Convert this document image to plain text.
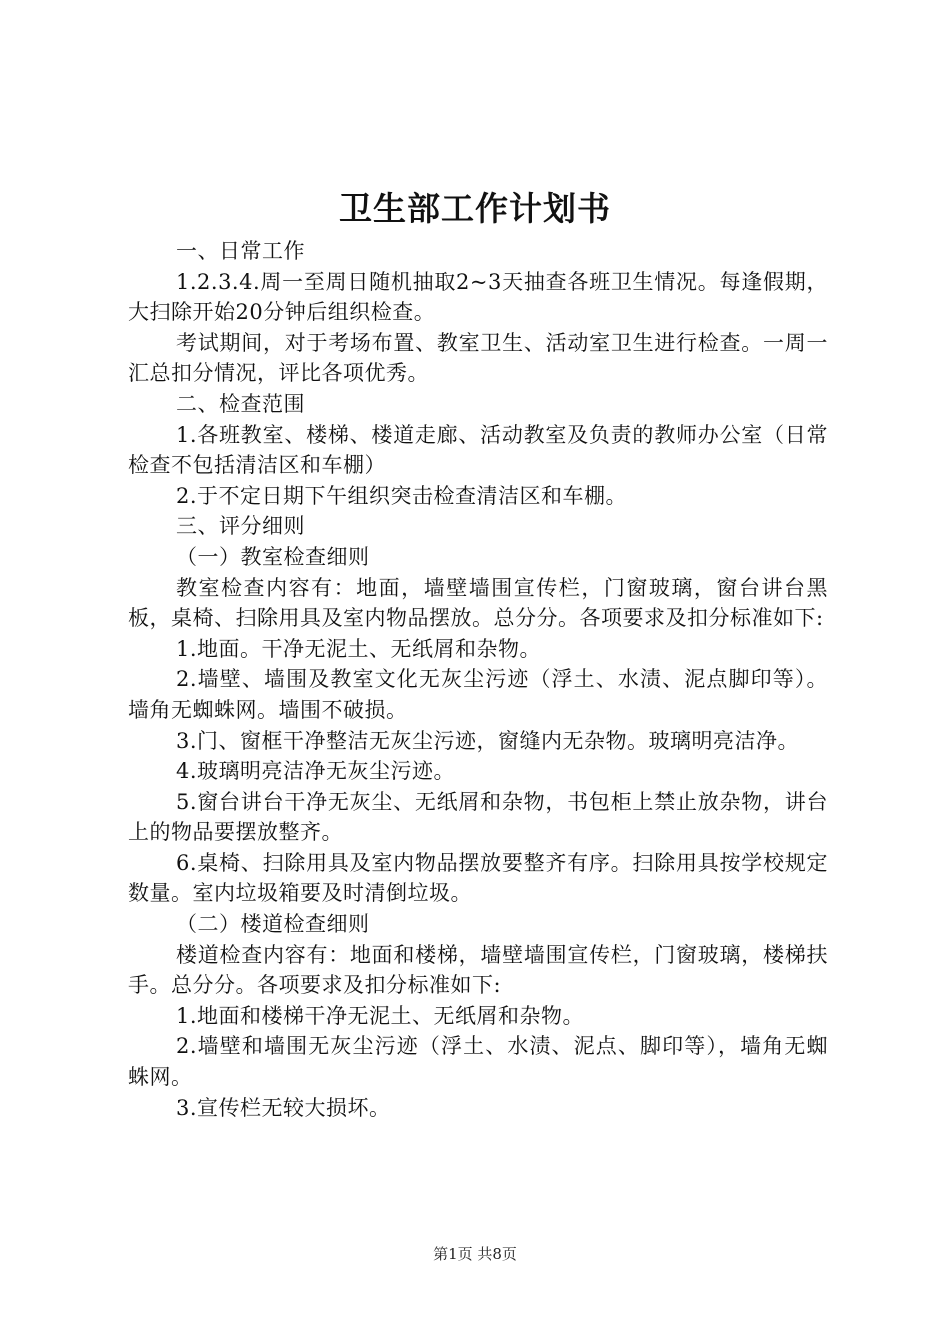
卫生部工作计划书

一、日常工作

1.2.3.4.周一至周日随机抽取2~3天抽查各班卫生情况。每逢假期，大扫除开始20分钟后组织检查。

考试期间，对于考场布置、教室卫生、活动室卫生进行检查。一周一汇总扣分情况，评比各项优秀。

二、检查范围

1.各班教室、楼梯、楼道走廊、活动教室及负责的教师办公室（日常检查不包括清洁区和车棚）

2.于不定日期下午组织突击检查清洁区和车棚。

三、评分细则

（一）教室检查细则

教室检查内容有：地面，墙壁墙围宣传栏，门窗玻璃，窗台讲台黑板，桌椅、扫除用具及室内物品摆放。总分分。各项要求及扣分标准如下:

1.地面。干净无泥土、无纸屑和杂物。

2.墙壁、墙围及教室文化无灰尘污迹（浮土、水渍、泥点脚印等）。墙角无蜘蛛网。墙围不破损。

3.门、窗框干净整洁无灰尘污迹，窗缝内无杂物。玻璃明亮洁净。

4.玻璃明亮洁净无灰尘污迹。

5.窗台讲台干净无灰尘、无纸屑和杂物，书包柜上禁止放杂物，讲台上的物品要摆放整齐。

6.桌椅、扫除用具及室内物品摆放要整齐有序。扫除用具按学校规定数量。室内垃圾箱要及时清倒垃圾。

（二）楼道检查细则

楼道检查内容有：地面和楼梯，墙壁墙围宣传栏，门窗玻璃，楼梯扶手。总分分。各项要求及扣分标准如下:

1.地面和楼梯干净无泥土、无纸屑和杂物。

2.墙壁和墙围无灰尘污迹（浮土、水渍、泥点、脚印等），墙角无蜘蛛网。

3.宣传栏无较大损坏。

第1页 共8页
